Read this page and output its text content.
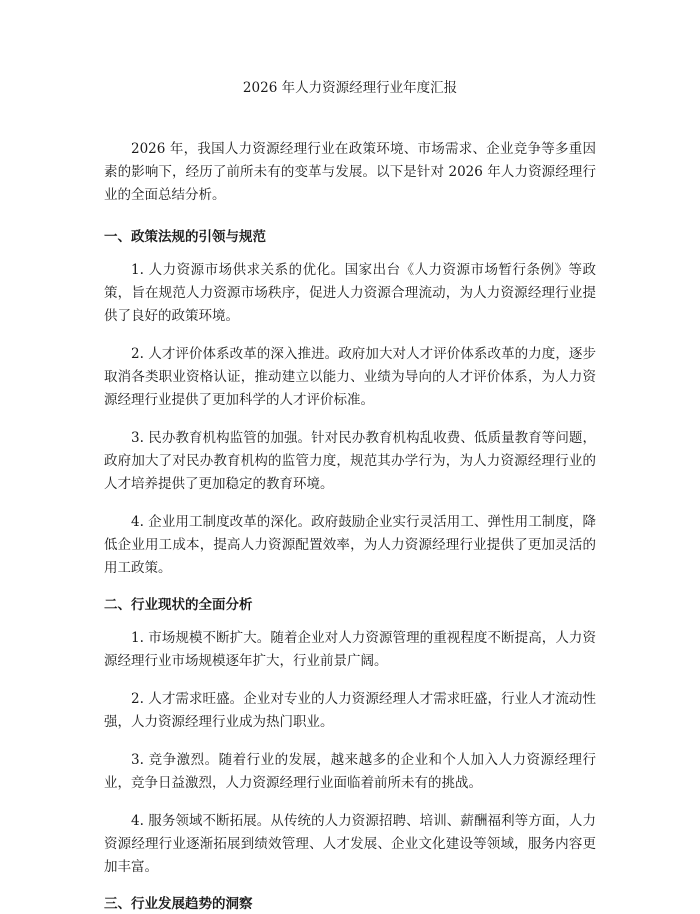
2026 年人力资源经理行业年度汇报

2026 年，我国人力资源经理行业在政策环境、市场需求、企业竞争等多重因素的影响下，经历了前所未有的变革与发展。以下是针对 2026 年人力资源经理行业的全面总结分析。

一、政策法规的引领与规范

1. 人力资源市场供求关系的优化。国家出台《人力资源市场暂行条例》等政策，旨在规范人力资源市场秩序，促进人力资源合理流动，为人力资源经理行业提供了良好的政策环境。

2. 人才评价体系改革的深入推进。政府加大对人才评价体系改革的力度，逐步取消各类职业资格认证，推动建立以能力、业绩为导向的人才评价体系，为人力资源经理行业提供了更加科学的人才评价标准。

3. 民办教育机构监管的加强。针对民办教育机构乱收费、低质量教育等问题，政府加大了对民办教育机构的监管力度，规范其办学行为，为人力资源经理行业的人才培养提供了更加稳定的教育环境。

4. 企业用工制度改革的深化。政府鼓励企业实行灵活用工、弹性用工制度，降低企业用工成本，提高人力资源配置效率，为人力资源经理行业提供了更加灵活的用工政策。

二、行业现状的全面分析

1. 市场规模不断扩大。随着企业对人力资源管理的重视程度不断提高，人力资源经理行业市场规模逐年扩大，行业前景广阔。

2. 人才需求旺盛。企业对专业的人力资源经理人才需求旺盛，行业人才流动性强，人力资源经理行业成为热门职业。

3. 竞争激烈。随着行业的发展，越来越多的企业和个人加入人力资源经理行业，竞争日益激烈，人力资源经理行业面临着前所未有的挑战。

4. 服务领域不断拓展。从传统的人力资源招聘、培训、薪酬福利等方面，人力资源经理行业逐渐拓展到绩效管理、人才发展、企业文化建设等领域，服务内容更加丰富。

三、行业发展趋势的洞察
